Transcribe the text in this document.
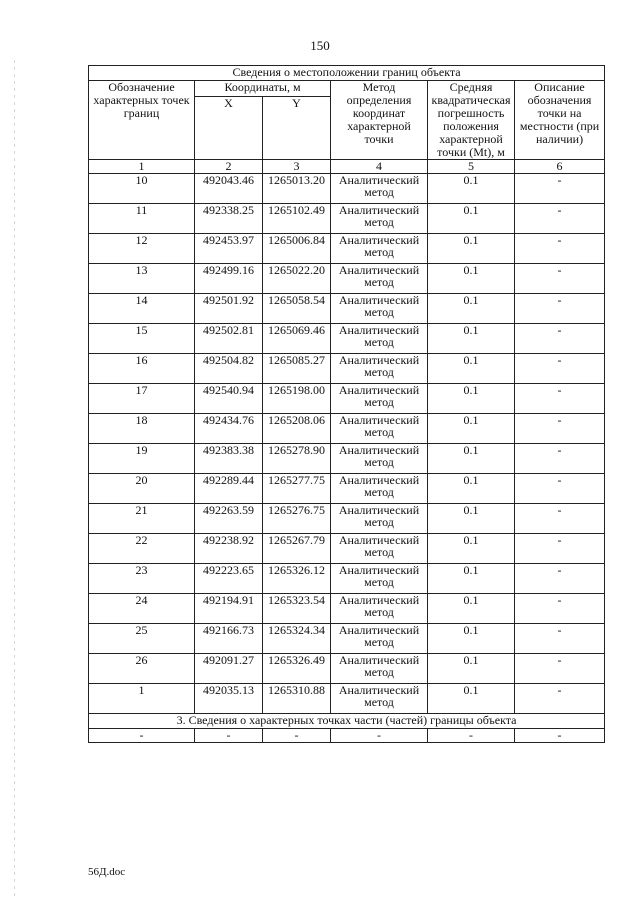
150
Сведения о местоположении границ объекта					
Обозначение характерных точек границ	Координаты, м		Метод определения координат характерной точки	Средняя квадратическая погрешность положения характерной точки (Mt), м	Описание обозначения точки на местности (при наличии)
	X	Y			
1	2	3	4	5	6
10	492043.46	1265013.20	Аналитический метод	0.1	-
11	492338.25	1265102.49	Аналитический метод	0.1	-
12	492453.97	1265006.84	Аналитический метод	0.1	-
13	492499.16	1265022.20	Аналитический метод	0.1	-
14	492501.92	1265058.54	Аналитический метод	0.1	-
15	492502.81	1265069.46	Аналитический метод	0.1	-
16	492504.82	1265085.27	Аналитический метод	0.1	-
17	492540.94	1265198.00	Аналитический метод	0.1	-
18	492434.76	1265208.06	Аналитический метод	0.1	-
19	492383.38	1265278.90	Аналитический метод	0.1	-
20	492289.44	1265277.75	Аналитический метод	0.1	-
21	492263.59	1265276.75	Аналитический метод	0.1	-
22	492238.92	1265267.79	Аналитический метод	0.1	-
23	492223.65	1265326.12	Аналитический метод	0.1	-
24	492194.91	1265323.54	Аналитический метод	0.1	-
25	492166.73	1265324.34	Аналитический метод	0.1	-
26	492091.27	1265326.49	Аналитический метод	0.1	-
1	492035.13	1265310.88	Аналитический метод	0.1	-
3. Сведения о характерных точках части (частей) границы объекта					
-	-	-	-	-	-
56Д.doc
